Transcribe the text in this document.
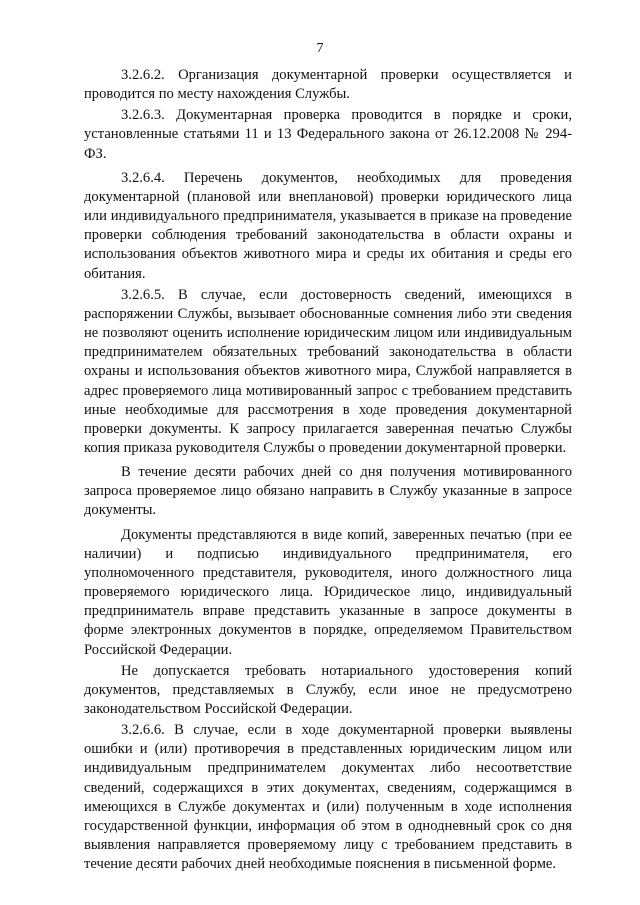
7

3.2.6.2. Организация документарной проверки осуществляется и проводится по месту нахождения Службы.

3.2.6.3. Документарная проверка проводится в порядке и сроки, установленные статьями 11 и 13 Федерального закона от 26.12.2008 № 294-ФЗ.

3.2.6.4. Перечень документов, необходимых для проведения документарной (плановой или внеплановой) проверки юридического лица или индивидуального предпринимателя, указывается в приказе на проведение проверки соблюдения требований законодательства в области охраны и использования объектов животного мира и среды их обитания и среды его обитания.

3.2.6.5. В случае, если достоверность сведений, имеющихся в распоряжении Службы, вызывает обоснованные сомнения либо эти сведения не позволяют оценить исполнение юридическим лицом или индивидуальным предпринимателем обязательных требований законодательства в области охраны и использования объектов животного мира, Службой направляется в адрес проверяемого лица мотивированный запрос с требованием представить иные необходимые для рассмотрения в ходе проведения документарной проверки документы. К запросу прилагается заверенная печатью Службы копия приказа руководителя Службы о проведении документарной проверки.

В течение десяти рабочих дней со дня получения мотивированного запроса проверяемое лицо обязано направить в Службу указанные в запросе документы.

Документы представляются в виде копий, заверенных печатью (при ее наличии) и подписью индивидуального предпринимателя, его уполномоченного представителя, руководителя, иного должностного лица проверяемого юридического лица. Юридическое лицо, индивидуальный предприниматель вправе представить указанные в запросе документы в форме электронных документов в порядке, определяемом Правительством Российской Федерации.

Не допускается требовать нотариального удостоверения копий документов, представляемых в Службу, если иное не предусмотрено законодательством Российской Федерации.

3.2.6.6. В случае, если в ходе документарной проверки выявлены ошибки и (или) противоречия в представленных юридическим лицом или индивидуальным предпринимателем документах либо несоответствие сведений, содержащихся в этих документах, сведениям, содержащимся в имеющихся в Службе документах и (или) полученным в ходе исполнения государственной функции, информация об этом в однодневный срок со дня выявления направляется проверяемому лицу с требованием представить в течение десяти рабочих дней необходимые пояснения в письменной форме.
